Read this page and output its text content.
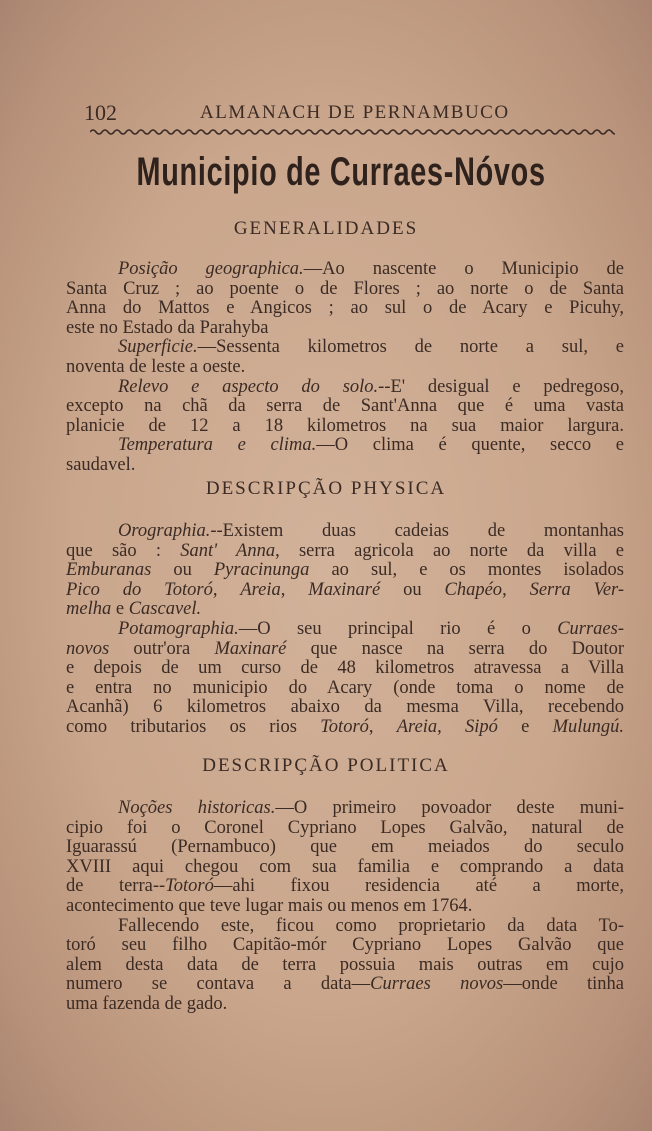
102	ALMANACH DE PERNAMBUCO
Municipio de Curraes-Nóvos
GENERALIDADES
Posição geographica.—Ao nascente o Municipio de
Santa Cruz ; ao poente o de Flores ; ao norte o de Santa
Anna do Mattos e Angicos ; ao sul o de Acary e Picuhy,
este no Estado da Parahyba
Superficie.—Sessenta kilometros de norte a sul, e
noventa de leste a oeste.
Relevo e aspecto do solo.--E' desigual e pedregoso,
excepto na chã da serra de Sant'Anna que é uma vasta
planicie de 12 a 18 kilometros na sua maior largura.
Temperatura e clima.—O clima é quente, secco e
saudavel.
DESCRIPÇÃO PHYSICA
Orographia.--Existem duas cadeias de montanhas
que são : Sant' Anna, serra agricola ao norte da villa e
Emburanas ou Pyracinunga ao sul, e os montes isolados
Pico do Totoró, Areia, Maxinaré ou Chapéo, Serra Ver-
melha e Cascavel.
Potamographia.—O seu principal rio é o Curraes-
novos outr'ora Maxinaré que nasce na serra do Doutor
e depois de um curso de 48 kilometros atravessa a Villa
e entra no municipio do Acary (onde toma o nome de
Acanhã) 6 kilometros abaixo da mesma Villa, recebendo
como tributarios os rios Totoró, Areia, Sipó e Mulungú.
DESCRIPÇÃO POLITICA
Noções historicas.—O primeiro povoador deste muni-
cipio foi o Coronel Cypriano Lopes Galvão, natural de
Iguarassú (Pernambuco) que em meiados do seculo
XVIII aqui chegou com sua familia e comprando a data
de terra--Totoró—ahi fixou residencia até a morte,
acontecimento que teve lugar mais ou menos em 1764.
Fallecendo este, ficou como proprietario da data To-
toró seu filho Capitão-mór Cypriano Lopes Galvão que
alem desta data de terra possuia mais outras em cujo
numero se contava a data—Curraes novos—onde tinha
uma fazenda de gado.
